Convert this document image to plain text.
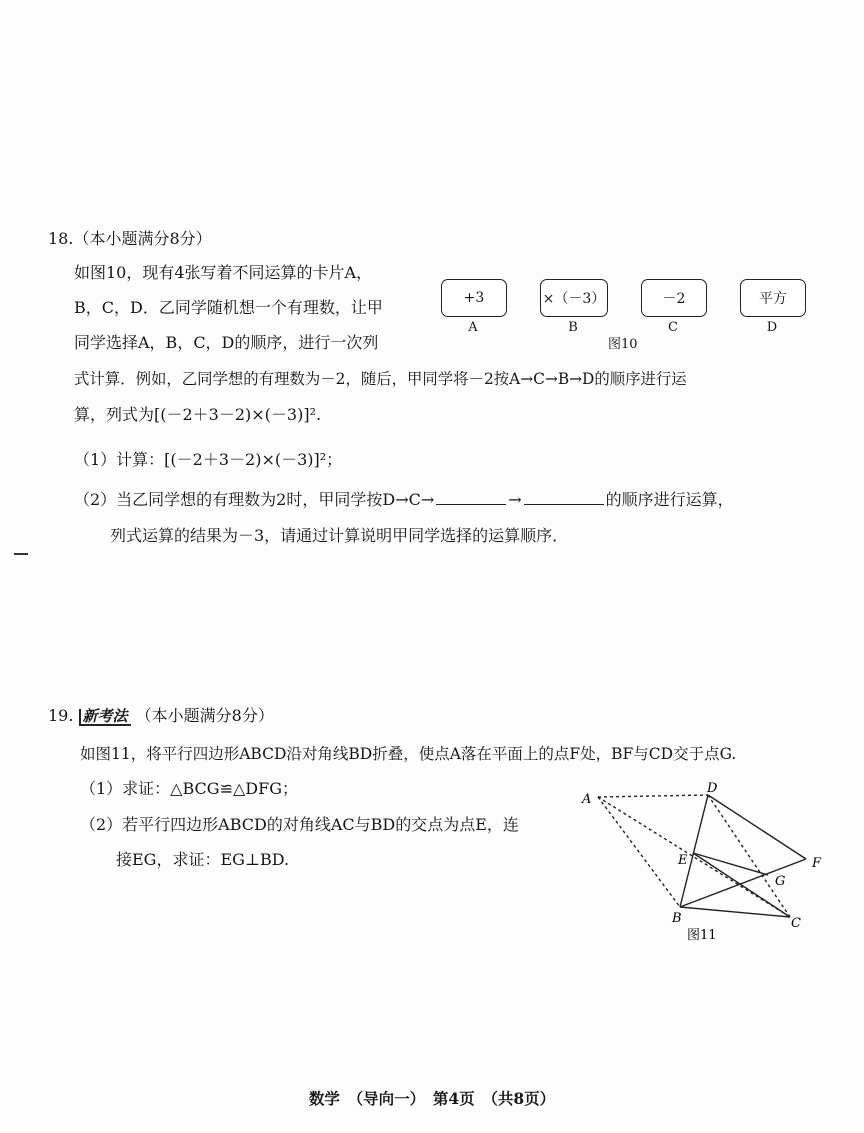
18.（本小题满分8分）
如图10，现有4张写着不同运算的卡片A，
B，C，D．乙同学随机想一个有理数，让甲
同学选择A，B，C，D的顺序，进行一次列
式计算．例如，乙同学想的有理数为－2，随后，甲同学将－2按A→C→B→D的顺序进行运
算，列式为[(－2＋3－2)×(－3)]².
（1）计算：[(－2＋3－2)×(－3)]²；
（2）当乙同学想的有理数为2时，甲同学按D→C→	→	的顺序进行运算，
列式运算的结果为－3，请通过计算说明甲同学选择的运算顺序．
+3	×（－3）	－2	平方
A	B	C	D
图10
19. 新考法 （本小题满分8分）
如图11，将平行四边形ABCD沿对角线BD折叠，使点A落在平面上的点F处，BF与CD交于点G.
（1）求证：△BCG≌△DFG；
（2）若平行四边形ABCD的对角线AC与BD的交点为点E，连
接EG，求证：EG⊥BD.
A
D
E	F
G
B	C
图11
数学　（导向一）　第4页　（共8页）
